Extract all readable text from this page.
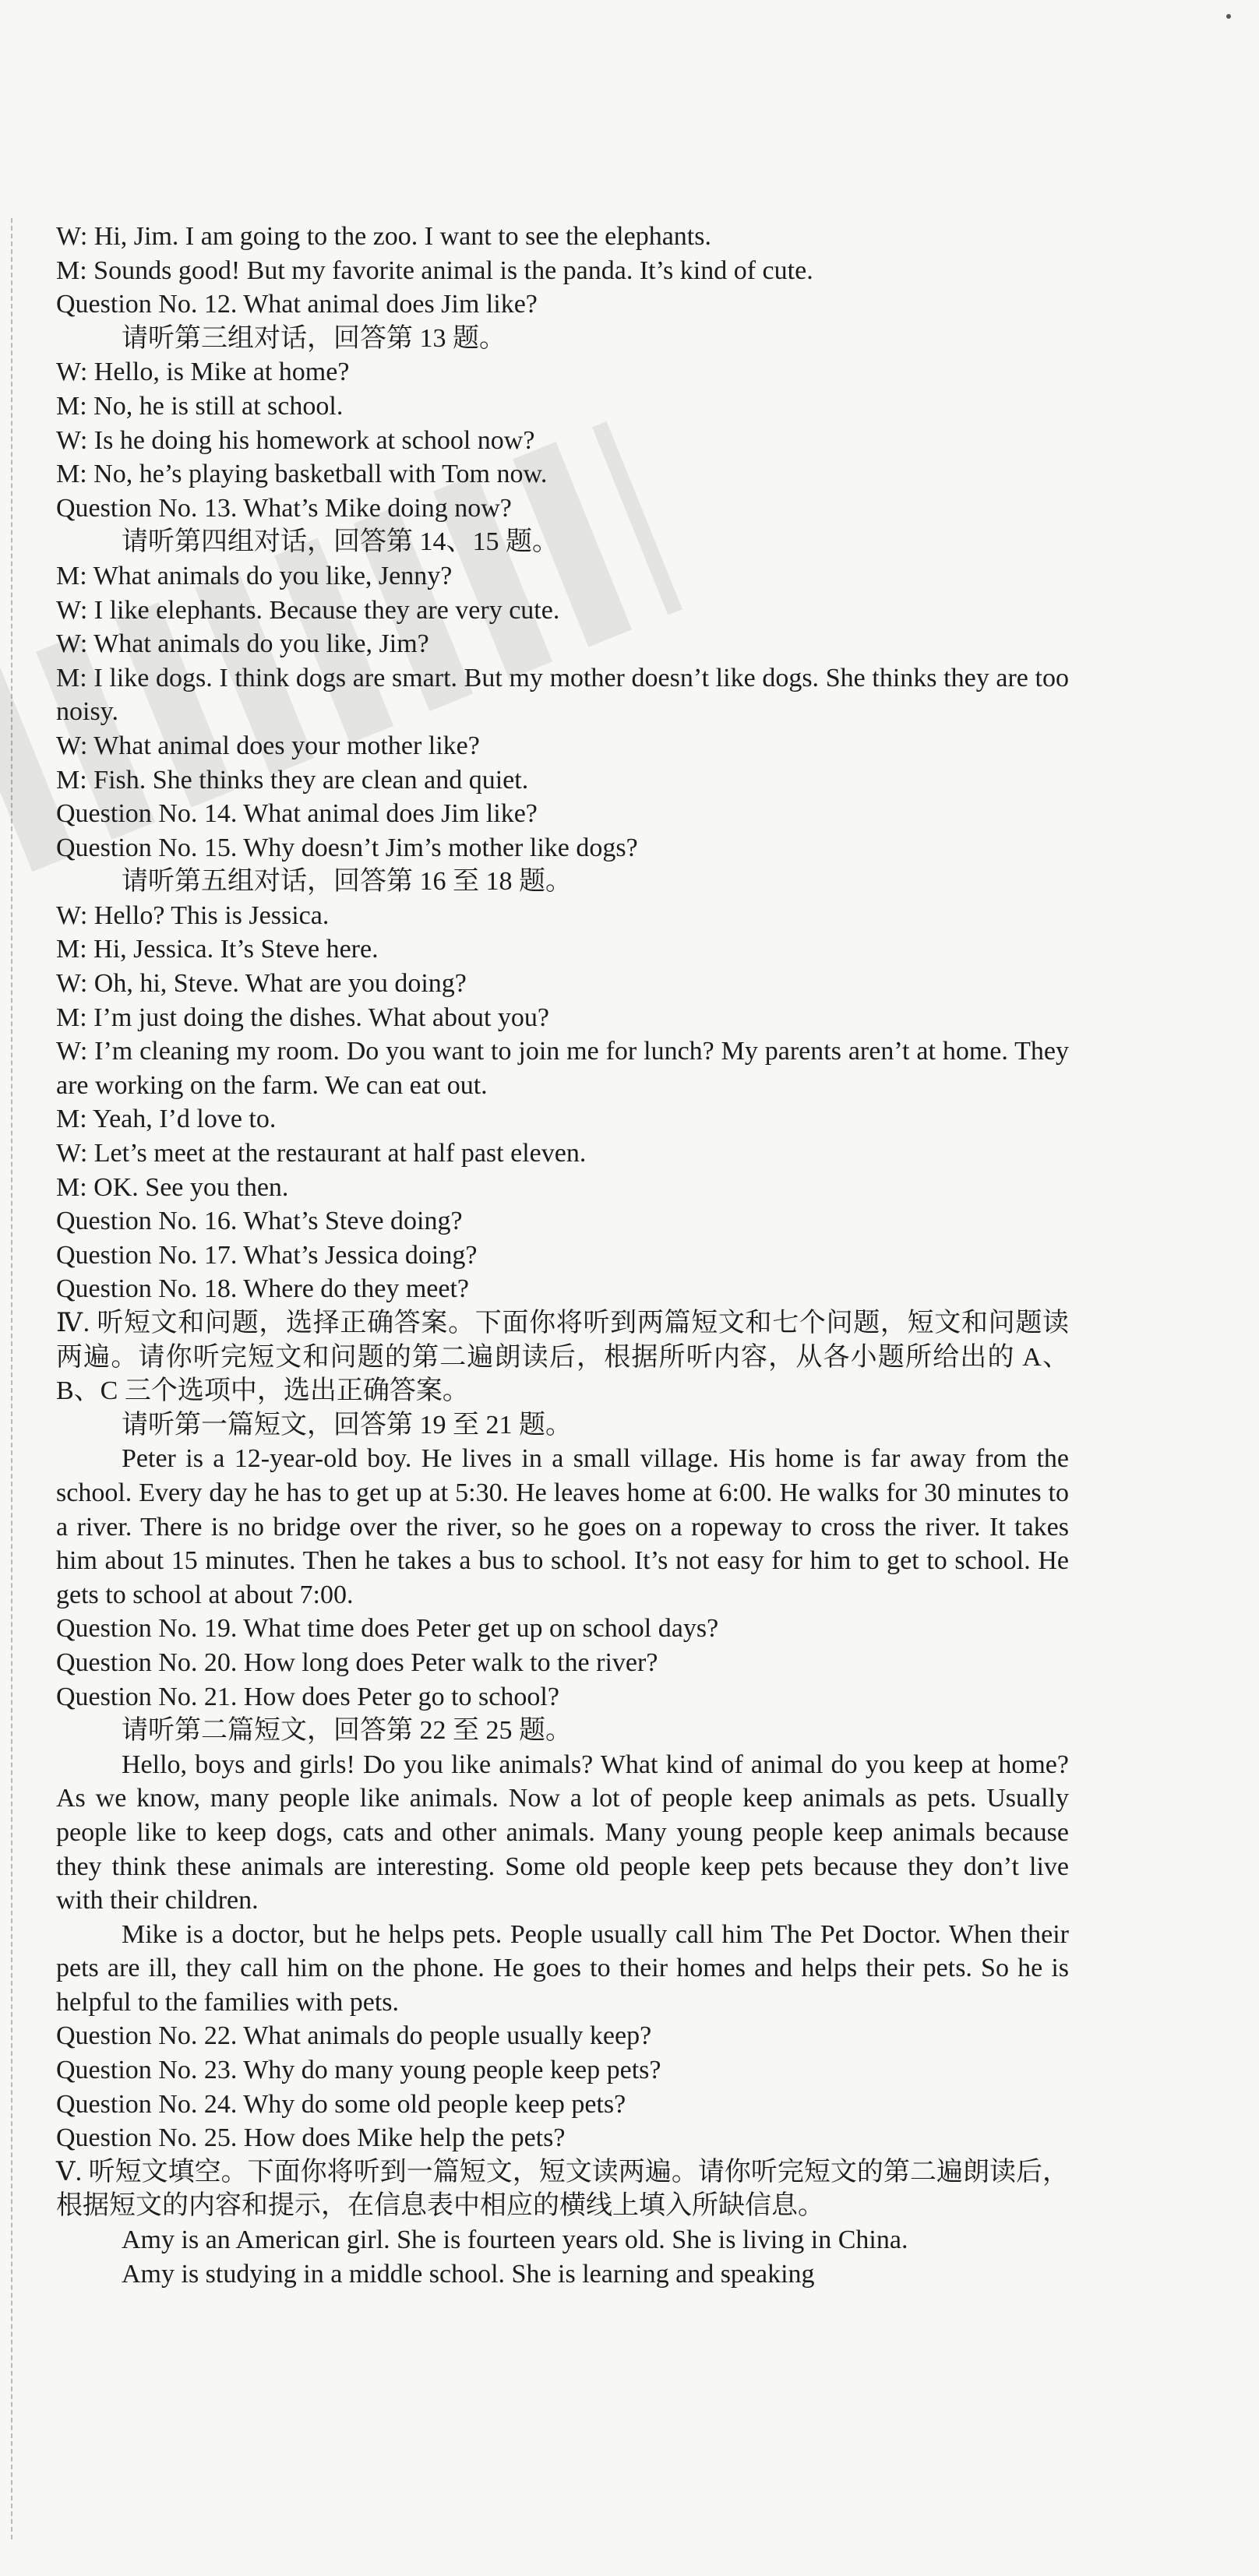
W: Hi, Jim. I am going to the zoo. I want to see the elephants.
M: Sounds good! But my favorite animal is the panda. It’s kind of cute.
Question No. 12. What animal does Jim like?
请听第三组对话，回答第 13 题。
W: Hello, is Mike at home?
M: No, he is still at school.
W: Is he doing his homework at school now?
M: No, he’s playing basketball with Tom now.
Question No. 13. What’s Mike doing now?
请听第四组对话，回答第 14、15 题。
M: What animals do you like, Jenny?
W: I like elephants. Because they are very cute.
W: What animals do you like, Jim?
M: I like dogs. I think dogs are smart. But my mother doesn’t like dogs. She thinks they are too noisy.
W: What animal does your mother like?
M: Fish. She thinks they are clean and quiet.
Question No. 14. What animal does Jim like?
Question No. 15. Why doesn’t Jim’s mother like dogs?
请听第五组对话，回答第 16 至 18 题。
W: Hello? This is Jessica.
M: Hi, Jessica. It’s Steve here.
W: Oh, hi, Steve. What are you doing?
M: I’m just doing the dishes. What about you?
W: I’m cleaning my room. Do you want to join me for lunch? My parents aren’t at home. They are working on the farm. We can eat out.
M: Yeah, I’d love to.
W: Let’s meet at the restaurant at half past eleven.
M: OK. See you then.
Question No. 16. What’s Steve doing?
Question No. 17. What’s Jessica doing?
Question No. 18. Where do they meet?
Ⅳ. 听短文和问题，选择正确答案。下面你将听到两篇短文和七个问题，短文和问题读两遍。请你听完短文和问题的第二遍朗读后，根据所听内容，从各小题所给出的 A、B、C 三个选项中，选出正确答案。
请听第一篇短文，回答第 19 至 21 题。
Peter is a 12-year-old boy. He lives in a small village. His home is far away from the school. Every day he has to get up at 5:30. He leaves home at 6:00. He walks for 30 minutes to a river. There is no bridge over the river, so he goes on a ropeway to cross the river. It takes him about 15 minutes. Then he takes a bus to school. It’s not easy for him to get to school. He gets to school at about 7:00.
Question No. 19. What time does Peter get up on school days?
Question No. 20. How long does Peter walk to the river?
Question No. 21. How does Peter go to school?
请听第二篇短文，回答第 22 至 25 题。
Hello, boys and girls! Do you like animals? What kind of animal do you keep at home? As we know, many people like animals. Now a lot of people keep animals as pets. Usually people like to keep dogs, cats and other animals. Many young people keep animals because they think these animals are interesting. Some old people keep pets because they don’t live with their children.
Mike is a doctor, but he helps pets. People usually call him The Pet Doctor. When their pets are ill, they call him on the phone. He goes to their homes and helps their pets. So he is helpful to the families with pets.
Question No. 22. What animals do people usually keep?
Question No. 23. Why do many young people keep pets?
Question No. 24. Why do some old people keep pets?
Question No. 25. How does Mike help the pets?
Ⅴ. 听短文填空。下面你将听到一篇短文，短文读两遍。请你听完短文的第二遍朗读后，根据短文的内容和提示，在信息表中相应的横线上填入所缺信息。
Amy is an American girl. She is fourteen years old. She is living in China.
Amy is studying in a middle school. She is learning and speaking
